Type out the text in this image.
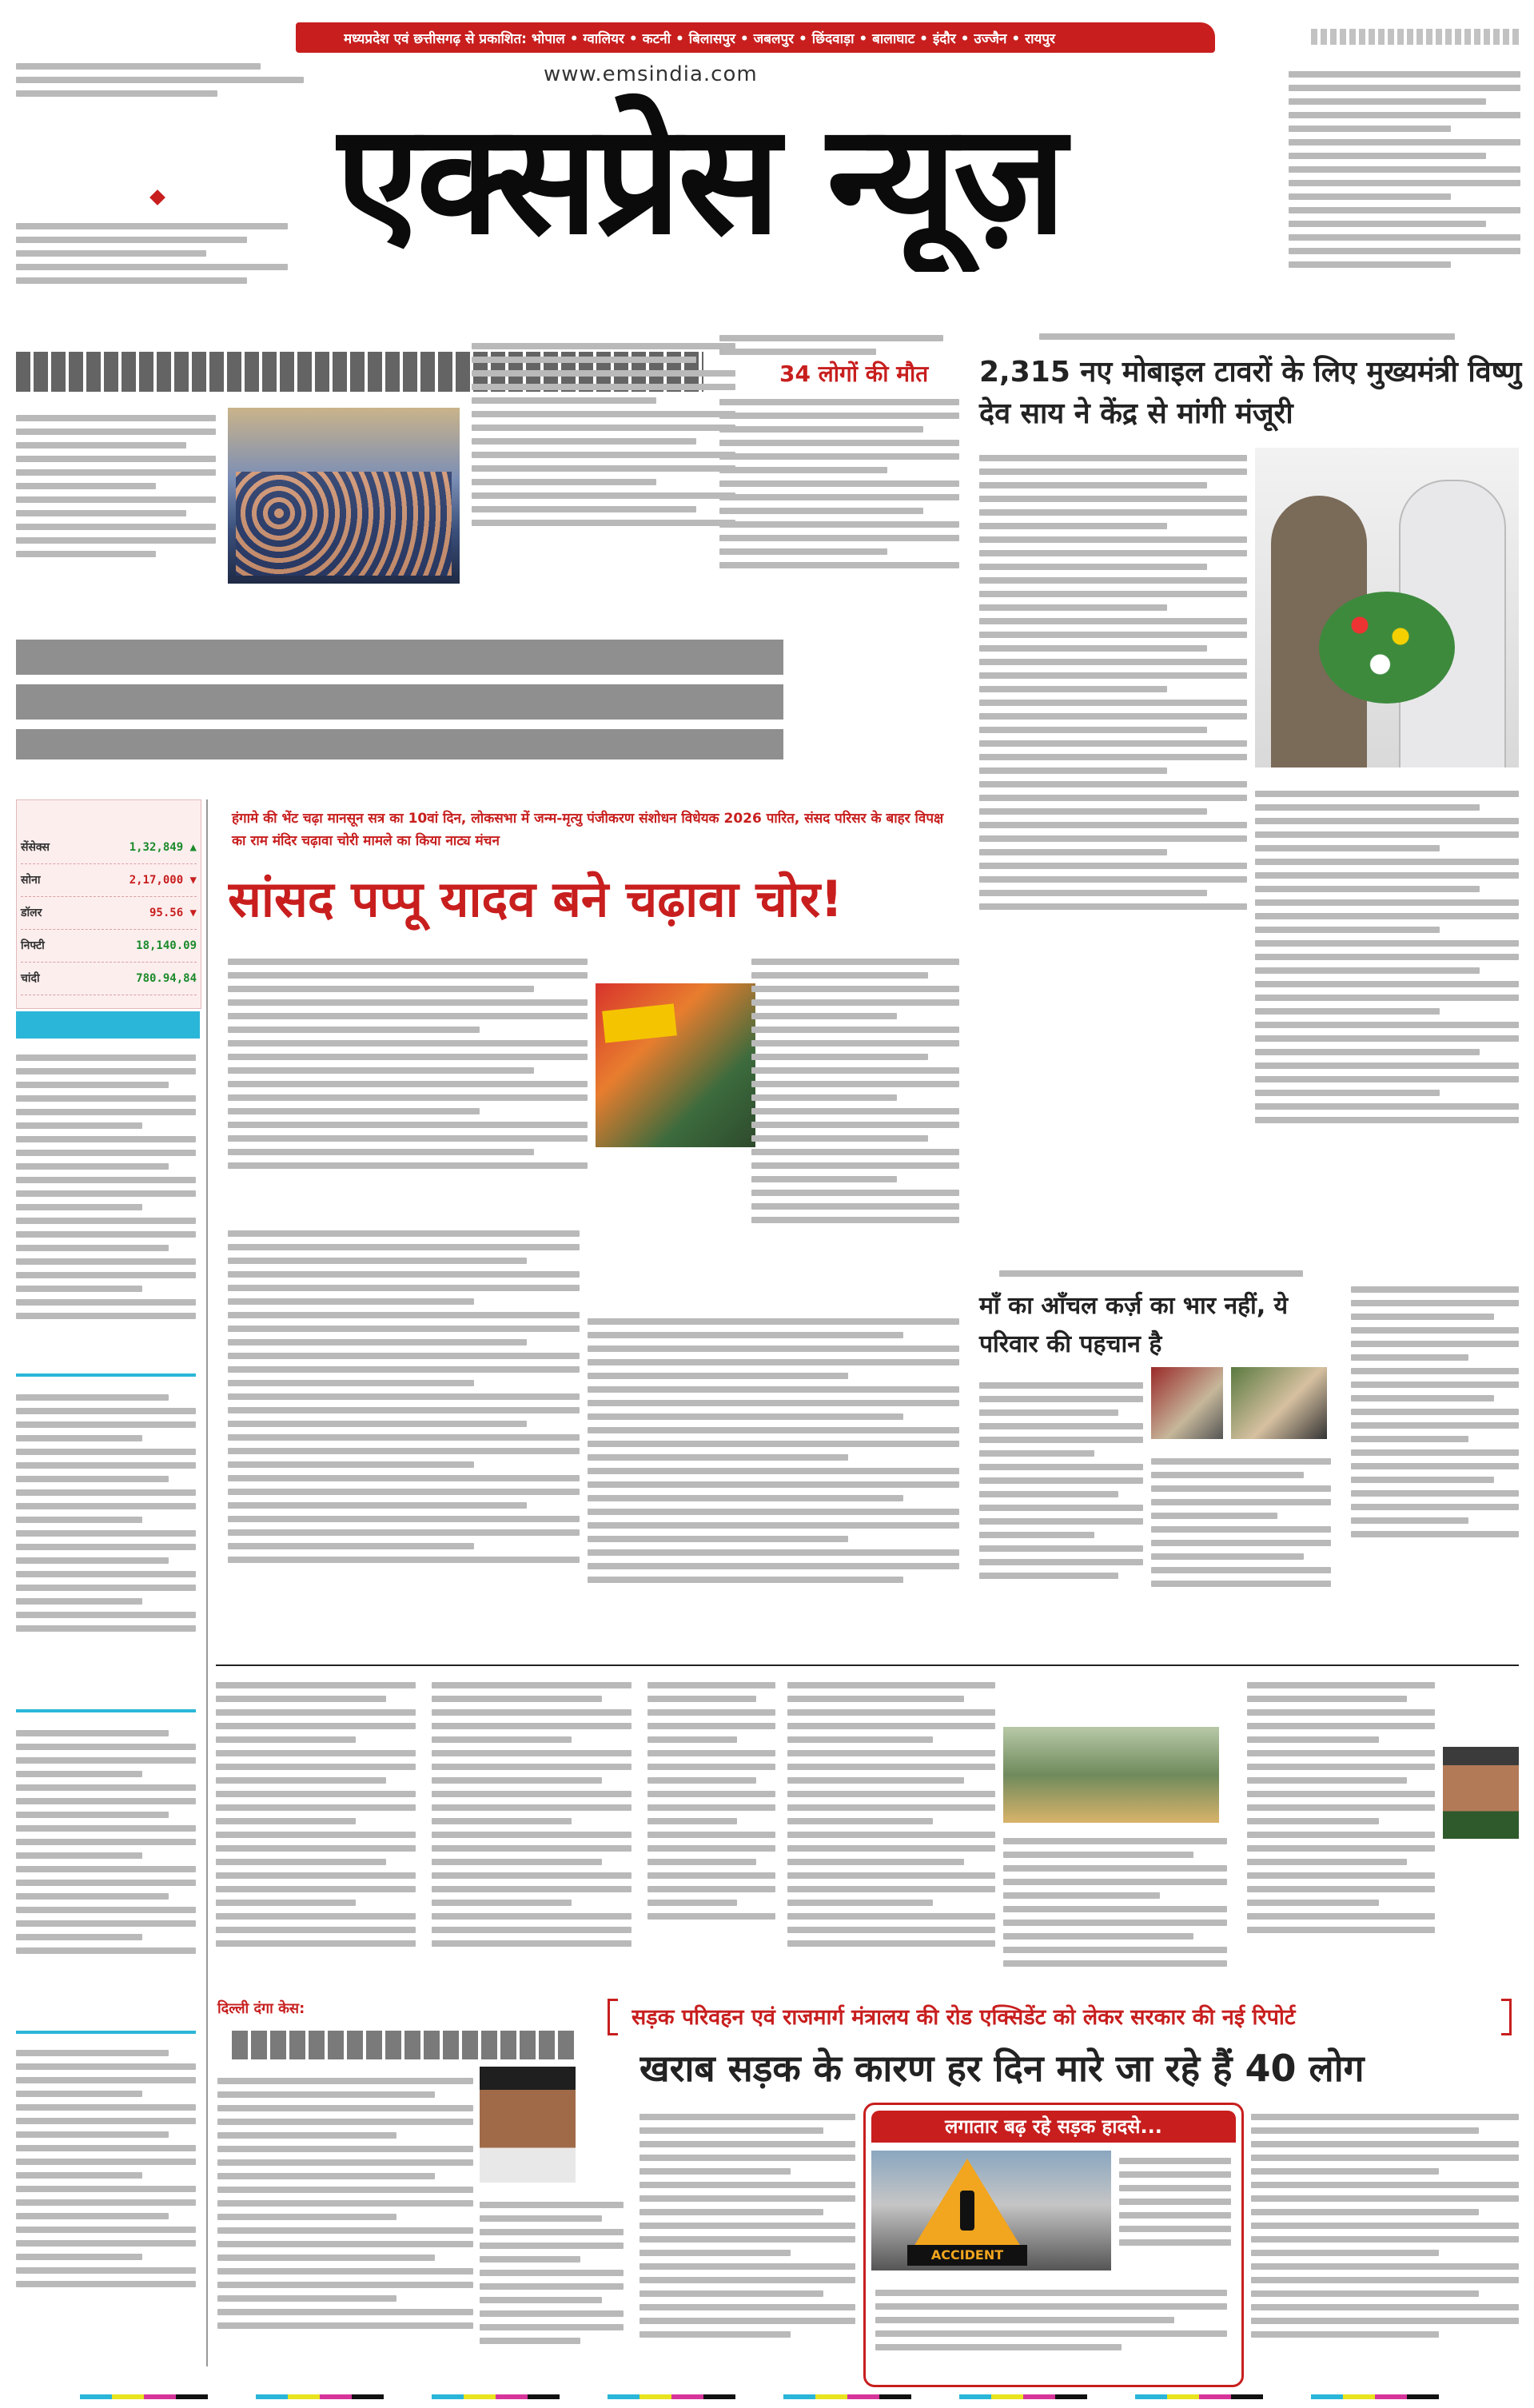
मध्यप्रदेश एवं छत्तीसगढ़ से प्रकाशित: भोपाल • ग्वालियर • कटनी • बिलासपुर • जबलपुर • छिंदवाड़ा • बालाघाट • इंदौर • उज्जैन • रायपुर
www.emsindia.com
एक्सप्रेस न्यूज़
34 लोगों की मौत	2,315 नए मोबाइल टावरों के लिए मुख्यमंत्री विष्णु देव साय ने केंद्र से मांगी मंजूरी
हंगामे की भेंट चढ़ा मानसून सत्र का 10वां दिन, लोकसभा में जन्म-मृत्यु पंजीकरण संशोधन विधेयक 2026 पारित, संसद परिसर के बाहर विपक्ष का राम मंदिर चढ़ावा चोरी मामले का किया नाट्य मंचन
सांसद पप्पू यादव बने चढ़ावा चोर!
सेंसेक्स	1,32,849 ▲
सोना	2,17,000 ▼
डॉलर	95.56 ▼
निफ्टी	18,140.09
चांदी	780.94,84
माँ का आँचल कर्ज़ का भार नहीं, ये परिवार की पहचान है
दिल्ली दंगा केस:	सड़क परिवहन एवं राजमार्ग मंत्रालय की रोड एक्सिडेंट को लेकर सरकार की नई रिपोर्ट
खराब सड़क के कारण हर दिन मारे जा रहे हैं 40 लोग
लगातार बढ़ रहे सड़क हादसे...
ACCIDENT
